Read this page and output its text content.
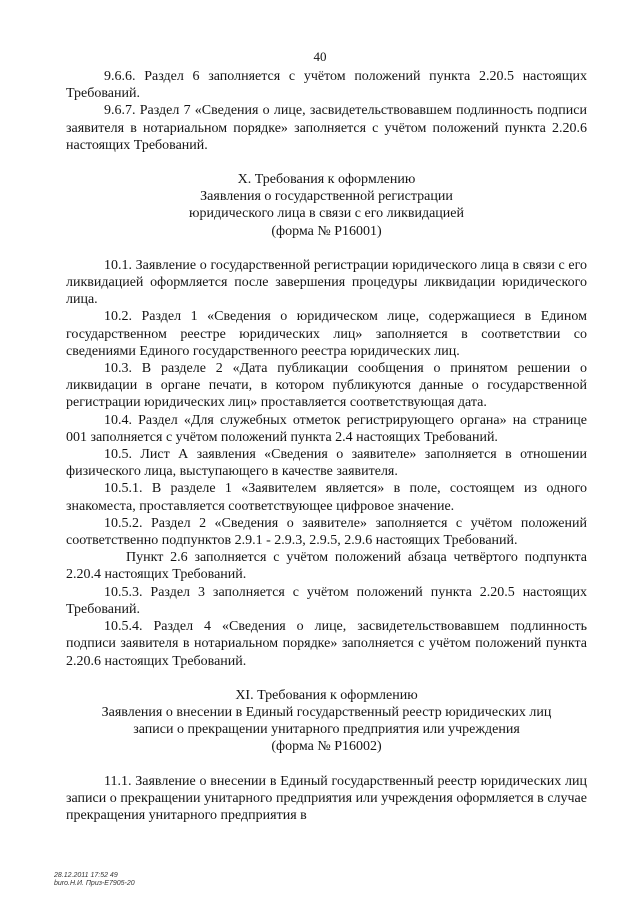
40

9.6.6. Раздел 6 заполняется с учётом положений пункта 2.20.5 настоящих Требований.

9.6.7. Раздел 7 «Сведения о лице, засвидетельствовавшем подлинность подписи заявителя в нотариальном порядке» заполняется с учётом положений пункта 2.20.6 настоящих Требований.

X. Требования к оформлению

Заявления о государственной регистрации

юридического лица в связи с его ликвидацией

(форма № Р16001)

10.1. Заявление о государственной регистрации юридического лица в связи с его ликвидацией оформляется после завершения процедуры ликвидации юридического лица.

10.2. Раздел 1 «Сведения о юридическом лице, содержащиеся в Едином государственном реестре юридических лиц» заполняется в соответствии со сведениями Единого государственного реестра юридических лиц.

10.3. В разделе 2 «Дата публикации сообщения о принятом решении о ликвидации в органе печати, в котором публикуются данные о государственной регистрации юридических лиц» проставляется соответствующая дата.

10.4. Раздел «Для служебных отметок регистрирующего органа» на странице 001 заполняется с учётом положений пункта 2.4 настоящих Требований.

10.5. Лист А заявления «Сведения о заявителе» заполняется в отношении физического лица, выступающего в качестве заявителя.

10.5.1. В разделе 1 «Заявителем является» в поле, состоящем из одного знакоместа, проставляется соответствующее цифровое значение.

10.5.2. Раздел 2 «Сведения о заявителе» заполняется с учётом положений соответственно подпунктов 2.9.1 - 2.9.3, 2.9.5, 2.9.6 настоящих Требований.

Пункт 2.6 заполняется с учётом положений абзаца четвёртого подпункта 2.20.4 настоящих Требований.

10.5.3. Раздел 3 заполняется с учётом положений пункта 2.20.5 настоящих Требований.

10.5.4. Раздел 4 «Сведения о лице, засвидетельствовавшем подлинность подписи заявителя в нотариальном порядке» заполняется с учётом положений пункта 2.20.6 настоящих Требований.

XI. Требования к оформлению

Заявления о внесении в Единый государственный реестр юридических лиц

записи о прекращении унитарного предприятия или учреждения

(форма № Р16002)

11.1. Заявление о внесении в Единый государственный реестр юридических лиц записи о прекращении унитарного предприятия или учреждения оформляется в случае прекращения унитарного предприятия в

28.12.2011 17:52 49
buro.Н.И. Приз-Е7905-20
